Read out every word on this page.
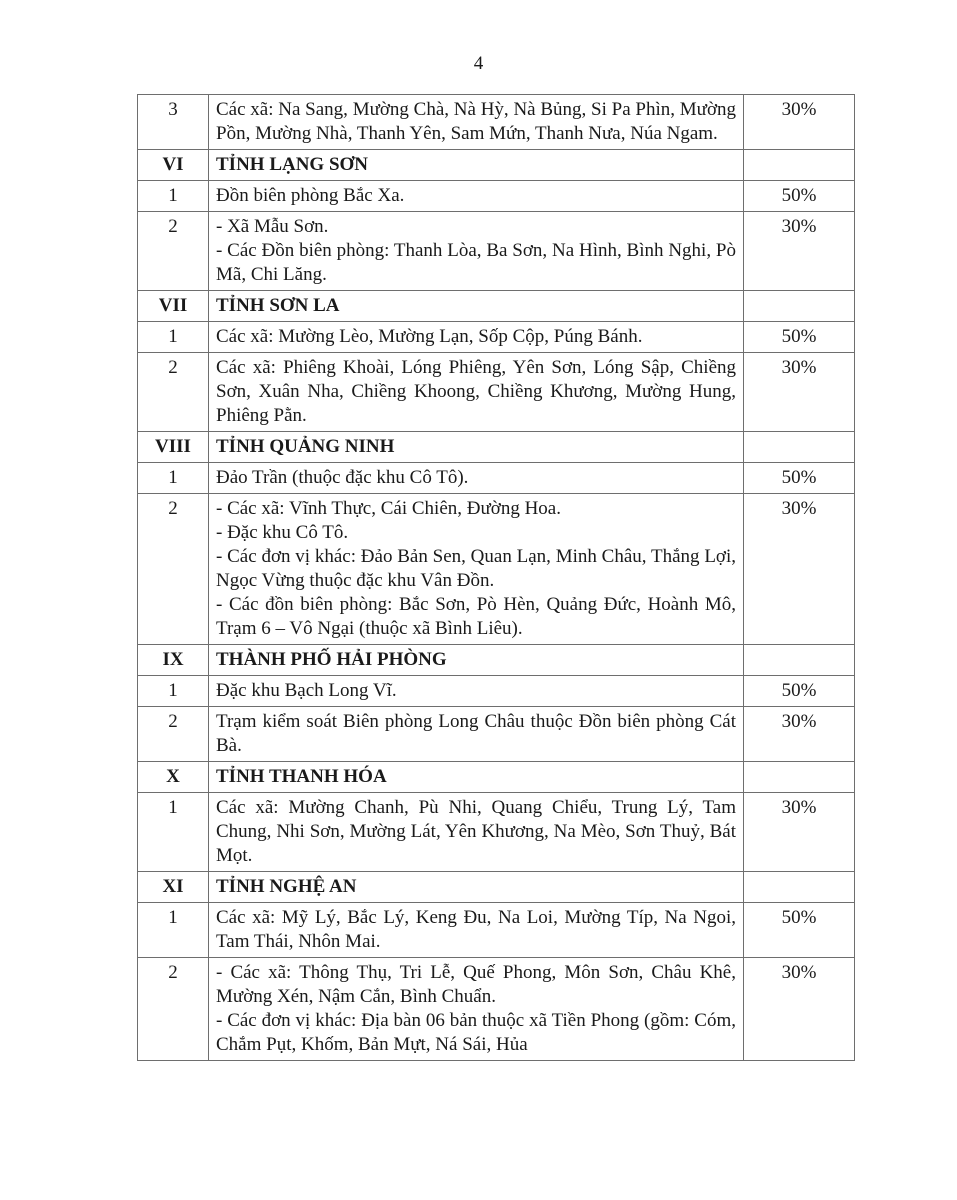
4
3	Các xã: Na Sang, Mường Chà, Nà Hỳ, Nà Bủng, Si Pa Phìn, Mường Pồn, Mường Nhà, Thanh Yên, Sam Mứn, Thanh Nưa, Núa Ngam.	30%
VI	TỈNH LẠNG SƠN	
1	Đồn biên phòng Bắc Xa.	50%
2	- Xã Mẫu Sơn.
- Các Đồn biên phòng: Thanh Lòa, Ba Sơn, Na Hình, Bình Nghi, Pò Mã, Chi Lăng.	30%
VII	TỈNH SƠN LA	
1	Các xã: Mường Lèo, Mường Lạn, Sốp Cộp, Púng Bánh.	50%
2	Các xã: Phiêng Khoài, Lóng Phiêng, Yên Sơn, Lóng Sập, Chiềng Sơn, Xuân Nha, Chiềng Khoong, Chiềng Khương, Mường Hung, Phiêng Pằn.	30%
VIII	TỈNH QUẢNG NINH	
1	Đảo Trần (thuộc đặc khu Cô Tô).	50%
2	- Các xã: Vĩnh Thực, Cái Chiên, Đường Hoa.
- Đặc khu Cô Tô.
- Các đơn vị khác: Đảo Bản Sen, Quan Lạn, Minh Châu, Thắng Lợi, Ngọc Vừng thuộc đặc khu Vân Đồn.
- Các đồn biên phòng: Bắc Sơn, Pò Hèn, Quảng Đức, Hoành Mô, Trạm 6 – Vô Ngại (thuộc xã Bình Liêu).	30%
IX	THÀNH PHỐ HẢI PHÒNG	
1	Đặc khu Bạch Long Vĩ.	50%
2	Trạm kiểm soát Biên phòng Long Châu thuộc Đồn biên phòng Cát Bà.	30%
X	TỈNH THANH HÓA	
1	Các xã: Mường Chanh, Pù Nhi, Quang Chiểu, Trung Lý, Tam Chung, Nhi Sơn, Mường Lát, Yên Khương, Na Mèo, Sơn Thuỷ, Bát Mọt.	30%
XI	TỈNH NGHỆ AN	
1	Các xã: Mỹ Lý, Bắc Lý, Keng Đu, Na Loi, Mường Típ, Na Ngoi, Tam Thái, Nhôn Mai.	50%
2	- Các xã: Thông Thụ, Tri Lễ, Quế Phong, Môn Sơn, Châu Khê, Mường Xén, Nậm Cắn, Bình Chuẩn.
- Các đơn vị khác: Địa bàn 06 bản thuộc xã Tiền Phong (gồm: Cóm, Chắm Pụt, Khốm, Bản Mựt, Ná Sái, Hủa	30%
